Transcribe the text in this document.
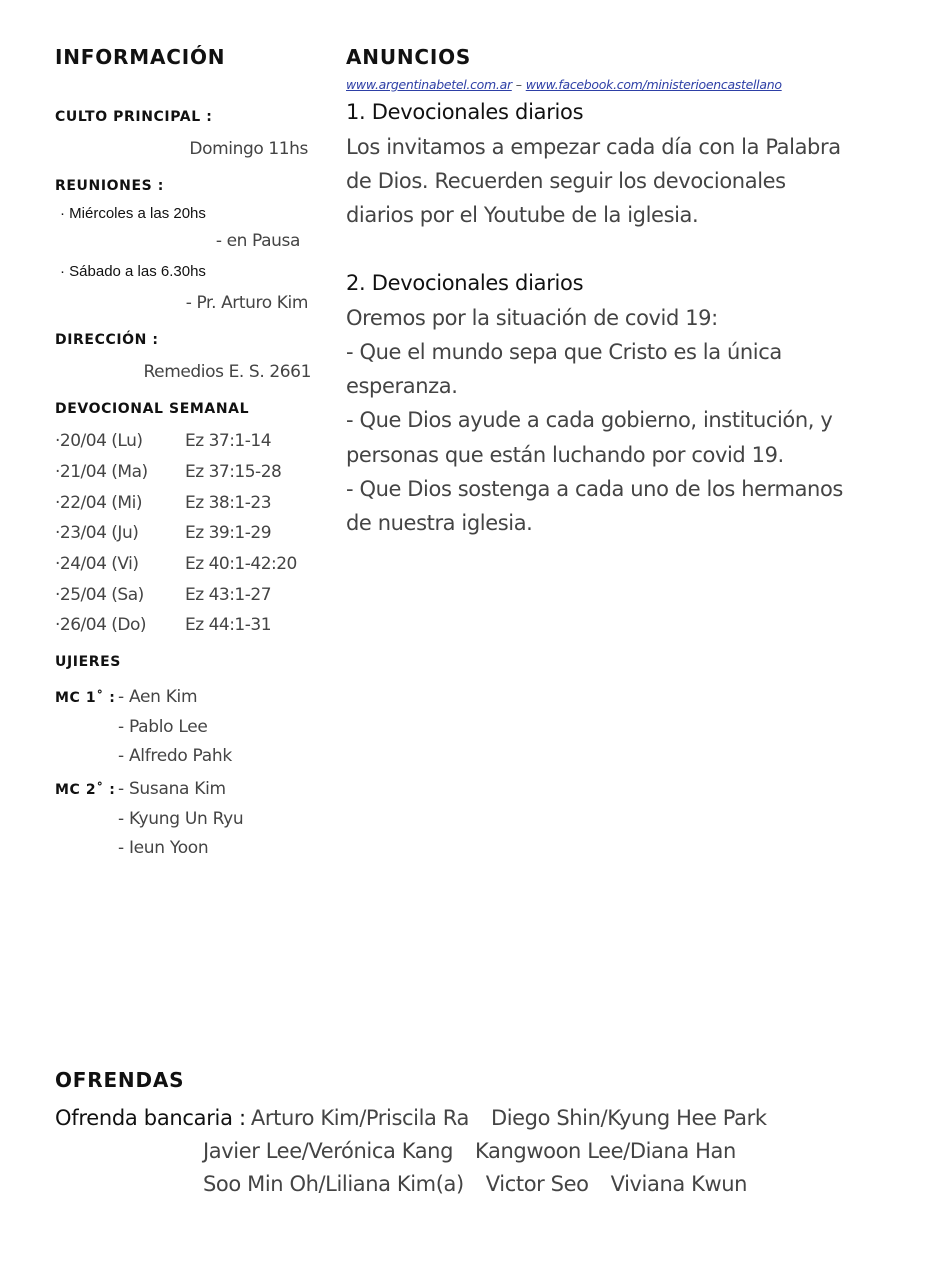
INFORMACIÓN
CULTO PRINCIPAL :
Domingo 11hs
REUNIONES :
· Miércoles a las 20hs
- en Pausa
· Sábado a las 6.30hs
- Pr. Arturo Kim
DIRECCIÓN :
Remedios E. S. 2661
DEVOCIONAL SEMANAL
·20/04 (Lu) Ez 37:1-14
·21/04 (Ma) Ez 37:15-28
·22/04 (Mi)	Ez 38:1-23
·23/04 (Ju)	Ez 39:1-29
·24/04 (Vi)	Ez 40:1-42:20
·25/04 (Sa) Ez 43:1-27
·26/04 (Do) Ez 44:1-31
UJIERES
MC 1˚ : - Aen Kim
- Pablo Lee
- Alfredo Pahk
MC 2˚ : - Susana Kim
- Kyung Un Ryu
- Ieun Yoon
ANUNCIOS
www.argentinabetel.com.ar – www.facebook.com/ministerioencastellano
1. Devocionales diarios
Los invitamos a empezar cada día con la Palabra
de Dios. Recuerden seguir los devocionales
diarios por el Youtube de la iglesia.
2. Devocionales diarios
Oremos por la situación de covid 19:
- Que el mundo sepa que Cristo es la única
esperanza.
- Que Dios ayude a cada gobierno, institución, y
personas que están luchando por covid 19.
- Que Dios sostenga a cada uno de los hermanos
de nuestra iglesia.
OFRENDAS
Ofrenda bancaria : Arturo Kim/Priscila Ra Diego Shin/Kyung Hee Park
Javier Lee/Verónica Kang Kangwoon Lee/Diana Han
Soo Min Oh/Liliana Kim(a) Victor Seo Viviana Kwun
